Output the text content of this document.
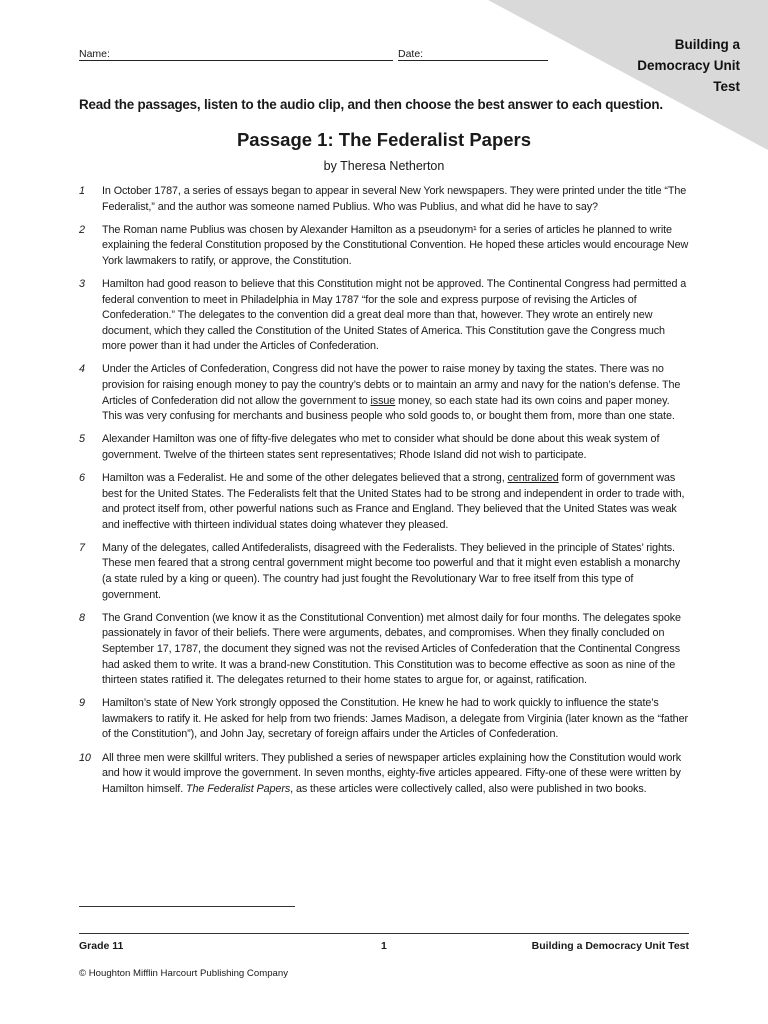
Building a Democracy Unit Test
Name:	Date:
Read the passages, listen to the audio clip, and then choose the best answer to each question.
Passage 1: The Federalist Papers
by Theresa Netherton
1 In October 1787, a series of essays began to appear in several New York newspapers. They were printed under the title “The Federalist,” and the author was someone named Publius. Who was Publius, and what did he have to say?
2 The Roman name Publius was chosen by Alexander Hamilton as a pseudonym¹ for a series of articles he planned to write explaining the federal Constitution proposed by the Constitutional Convention. He hoped these articles would encourage New York lawmakers to ratify, or approve, the Constitution.
3 Hamilton had good reason to believe that this Constitution might not be approved. The Continental Congress had permitted a federal convention to meet in Philadelphia in May 1787 “for the sole and express purpose of revising the Articles of Confederation.” The delegates to the convention did a great deal more than that, however. They wrote an entirely new document, which they called the Constitution of the United States of America. This Constitution gave the Congress much more power than it had under the Articles of Confederation.
4 Under the Articles of Confederation, Congress did not have the power to raise money by taxing the states. There was no provision for raising enough money to pay the country’s debts or to maintain an army and navy for the nation’s defense. The Articles of Confederation did not allow the government to issue money, so each state had its own coins and paper money. This was very confusing for merchants and business people who sold goods to, or bought them from, more than one state.
5 Alexander Hamilton was one of fifty-five delegates who met to consider what should be done about this weak system of government. Twelve of the thirteen states sent representatives; Rhode Island did not wish to participate.
6 Hamilton was a Federalist. He and some of the other delegates believed that a strong, centralized form of government was best for the United States. The Federalists felt that the United States had to be strong and independent in order to trade with, and protect itself from, other powerful nations such as France and England. They believed that the United States was weak and ineffective with thirteen individual states doing whatever they pleased.
7 Many of the delegates, called Antifederalists, disagreed with the Federalists. They believed in the principle of States’ rights. These men feared that a strong central government might become too powerful and that it might even establish a monarchy (a state ruled by a king or queen). The country had just fought the Revolutionary War to free itself from this type of government.
8 The Grand Convention (we know it as the Constitutional Convention) met almost daily for four months. The delegates spoke passionately in favor of their beliefs. There were arguments, debates, and compromises. When they finally concluded on September 17, 1787, the document they signed was not the revised Articles of Confederation that the Continental Congress had asked them to write. It was a brand-new Constitution. This Constitution was to become effective as soon as nine of the thirteen states ratified it. The delegates returned to their home states to argue for, or against, ratification.
9 Hamilton’s state of New York strongly opposed the Constitution. He knew he had to work quickly to influence the state’s lawmakers to ratify it. He asked for help from two friends: James Madison, a delegate from Virginia (later known as the “father of the Constitution”), and John Jay, secretary of foreign affairs under the Articles of Confederation.
10 All three men were skillful writers. They published a series of newspaper articles explaining how the Constitution would work and how it would improve the government. In seven months, eighty-five articles appeared. Fifty-one of these were written by Hamilton himself. The Federalist Papers, as these articles were collectively called, also were published in two books.
Grade 11	1	Building a Democracy Unit Test
© Houghton Mifflin Harcourt Publishing Company
